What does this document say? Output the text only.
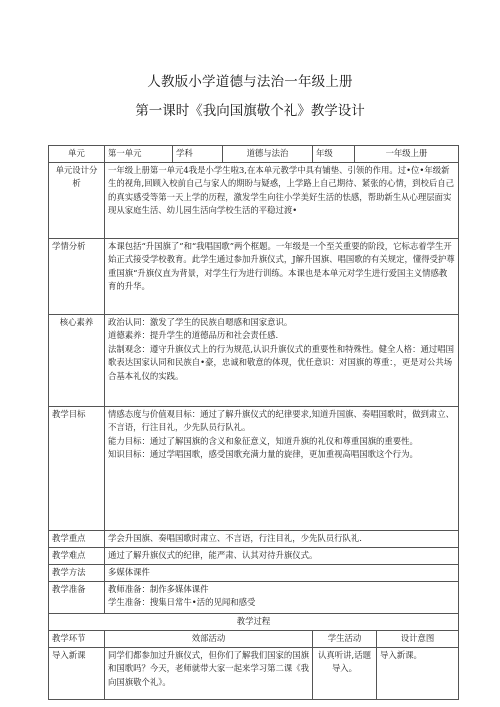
人教版小学道德与法治一年级上册
第一课时《我向国旗敬个礼》教学设计
单元	第一单元	学科	道德与法治	年级	一年级上册	
单元设计分析	一年级上册第一单元4我是小学生啦3,在本单元教学中具有铺垫、引领的作用。过•位•年级新生的视角,回顾入校前自己与家人的期盼与疑惑，上学路上自己期待、紧张的心情，到校后自己的真实感受等第一天上学的历程，激发学生向往小学美好生活的怯感，帮助新生从心理层面实现从家庭生活、幼儿园生活向学校生活的平稳过渡•					
学情分析	本课包括“升国旗了”和“我唱国歌”两个框题。一年级是一个至关重要的阶段，它标志着学生开始正式接受学校教育。此学生通过参加升旗仪式，J解升国旗、唱国歌的有关规定，懂得受护尊重国旗“升旗仪直为背景，对学生行为进行训练。本课也是本单元对学生进行爱国主义情感教育的升华。					
核心素养	政治认同：激发了学生的民族自嗯感和国家意识。

道德素养：提升学生的道德品历和社会责任感.

法制观念：遵守升旗仪式上的行为规范,认识升旗仪式的重要性和特殊性。健全人格：通过唱国歌表达国家认同和民族自•豪，忠诚和敬意的体现，优任意识：对国旗的尊重：，更是对公共场合基本礼仪的实践。					

教学目标	情感态度与价值观目标：通过了解升旗仪式的纪律要求,知道升国旗、奏唱国歌时，做到肃立、不言语，行注目礼，少先队员行队礼。

能力目标：通过了解国旗的含义和象征意义，知道升旗的礼仪和尊重国旗的重要性。

知识目标：通过学唱国歌，感受国歌充满力量的旋律，更加重视高唱国歌这个行为。					

教学重点	学会升国旗、奏唱国歌时肃立、不言语，行注目礼，少先队员行队礼.					
教学难点	通过了解升旗仪式的纪律，能严肃、认其对待升旗仪式。					
教学方法	多媒体课件					
教学准备	教师准备：制作多媒体课件

学生准备：搜集日常牛•活的见闻和感受					

教学过程						
教学环节	效部活动			学生活动		设计意图
导入新课	同学们都参加过升旗仪式，但你们了解我们国家的国旗和国歌吗？今天，老师就带大家一起来学习第二课《我向国旗敬个礼》。			认真听讲,话题导入。		导入新课。
